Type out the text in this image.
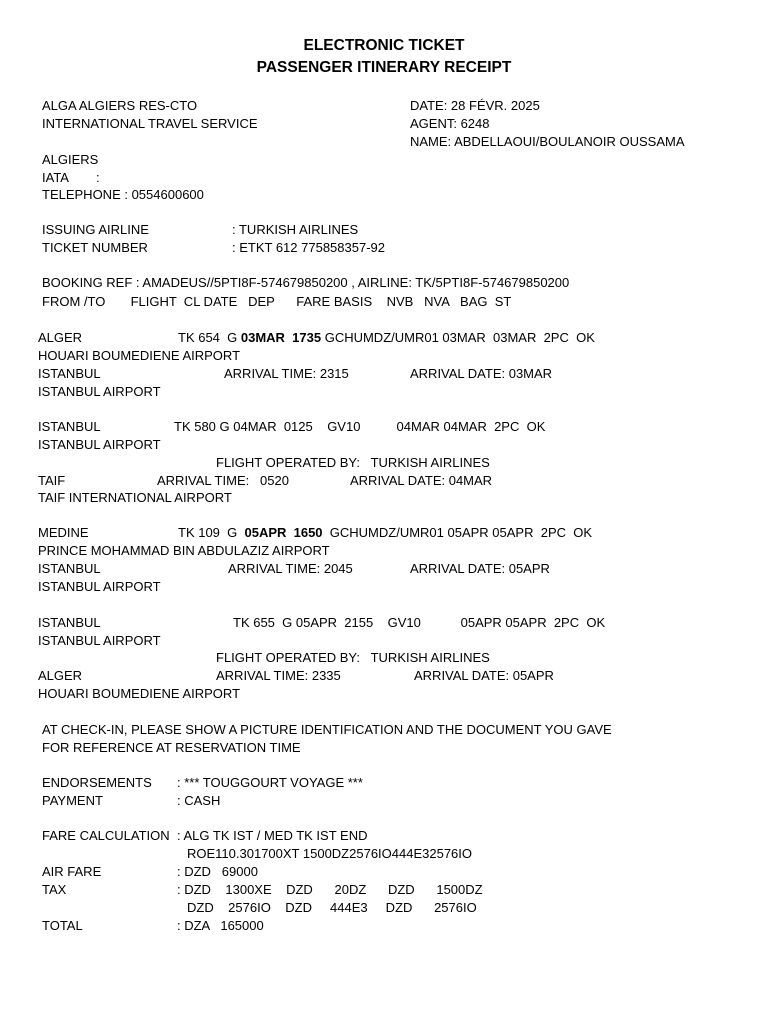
ELECTRONIC TICKET
PASSENGER ITINERARY RECEIPT
ALGA ALGIERS RES-CTO
INTERNATIONAL TRAVEL SERVICE
ALGIERS
IATA :
TELEPHONE : 0554600600
DATE: 28 FÉVR. 2025
AGENT: 6248
NAME: ABDELLAOUI/BOULANOIR OUSSAMA
ISSUING AIRLINE	: TURKISH AIRLINES
TICKET NUMBER	: ETKT 612 775858357-92
BOOKING REF : AMADEUS//5PTI8F-574679850200 , AIRLINE: TK/5PTI8F-574679850200
FROM /TO       FLIGHT  CL DATE   DEP      FARE BASIS    NVB   NVA   BAG  ST
ALGER	TK 654  G 03MAR  1735 GCHUMDZ/UMR01 03MAR  03MAR  2PC  OK
HOUARI BOUMEDIENE AIRPORT
ISTANBUL	ARRIVAL TIME: 2315	ARRIVAL DATE: 03MAR
ISTANBUL AIRPORT
ISTANBUL	TK 580 G 04MAR  0125    GV10          04MAR 04MAR  2PC  OK
ISTANBUL AIRPORT
FLIGHT OPERATED BY:   TURKISH AIRLINES
TAIF	ARRIVAL TIME:   0520	ARRIVAL DATE: 04MAR
TAIF INTERNATIONAL AIRPORT
MEDINE	TK 109  G  05APR  1650  GCHUMDZ/UMR01 05APR 05APR  2PC  OK
PRINCE MOHAMMAD BIN ABDULAZIZ AIRPORT
ISTANBUL	ARRIVAL TIME: 2045	ARRIVAL DATE: 05APR
ISTANBUL AIRPORT
ISTANBUL	TK 655  G 05APR  2155    GV10           05APR 05APR  2PC  OK
ISTANBUL AIRPORT
FLIGHT OPERATED BY:   TURKISH AIRLINES
ALGER	ARRIVAL TIME: 2335	ARRIVAL DATE: 05APR
HOUARI BOUMEDIENE AIRPORT
AT CHECK-IN, PLEASE SHOW A PICTURE IDENTIFICATION AND THE DOCUMENT YOU GAVE
FOR REFERENCE AT RESERVATION TIME
ENDORSEMENTS : *** TOUGGOURT VOYAGE ***
PAYMENT	: CASH
FARE CALCULATION : ALG TK IST / MED TK IST END
ROE110.301700XT 1500DZ2576IO444E32576IO
AIR FARE	: DZD   69000
TAX	: DZD    1300XE    DZD      20DZ      DZD      1500DZ
DZD    2576IO    DZD     444E3     DZD      2576IO
TOTAL	: DZA   165000
